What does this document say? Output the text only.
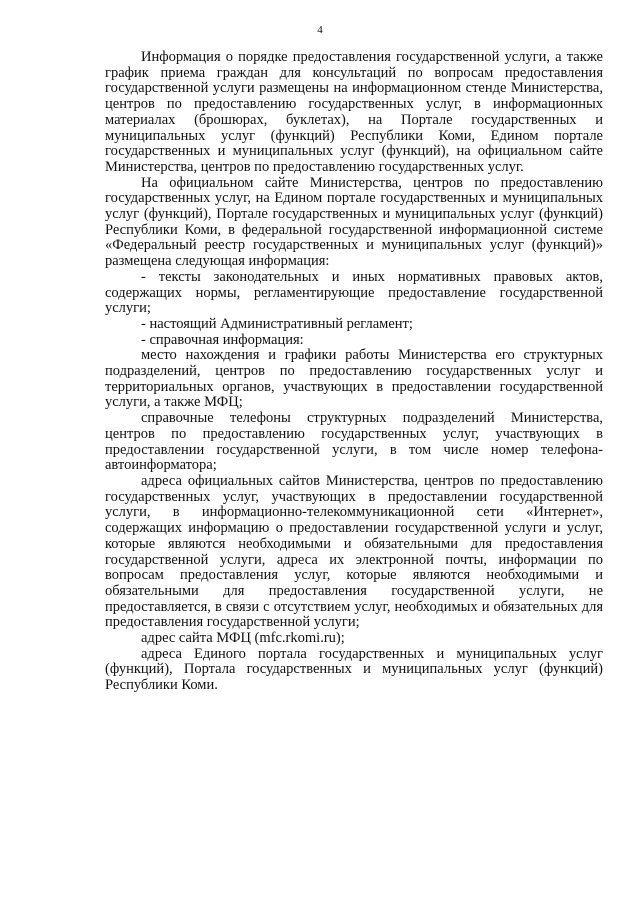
4

Информация о порядке предоставления государственной услуги, а также график приема граждан для консультаций по вопросам предоставления государственной услуги размещены на информационном стенде Министерства, центров по предоставлению государственных услуг, в информационных материалах (брошюрах, буклетах), на Портале государственных и муниципальных услуг (функций) Республики Коми, Едином портале государственных и муниципальных услуг (функций), на официальном сайте Министерства, центров по предоставлению государственных услуг.

На официальном сайте Министерства, центров по предоставлению государственных услуг, на Едином портале государственных и муниципальных услуг (функций), Портале государственных и муниципальных услуг (функций) Республики Коми, в федеральной государственной информационной системе «Федеральный реестр государственных и муниципальных услуг (функций)» размещена следующая информация:

- тексты законодательных и иных нормативных правовых актов, содержащих нормы, регламентирующие предоставление государственной услуги;

- настоящий Административный регламент;

- справочная информация:

место нахождения и графики работы Министерства его структурных подразделений, центров по предоставлению государственных услуг и территориальных органов, участвующих в предоставлении государственной услуги, а также МФЦ;

справочные телефоны структурных подразделений Министерства, центров по предоставлению государственных услуг, участвующих в предоставлении государственной услуги, в том числе номер телефона-автоинформатора;

адреса официальных сайтов Министерства, центров по предоставлению государственных услуг, участвующих в предоставлении государственной услуги, в информационно-телекоммуникационной сети «Интернет», содержащих информацию о предоставлении государственной услуги и услуг, которые являются необходимыми и обязательными для предоставления государственной услуги, адреса их электронной почты, информации по вопросам предоставления услуг, которые являются необходимыми и обязательными для предоставления государственной услуги, не предоставляется, в связи с отсутствием услуг, необходимых и обязательных для предоставления государственной услуги;

адрес сайта МФЦ (mfc.rkomi.ru);

адреса Единого портала государственных и муниципальных услуг (функций), Портала государственных и муниципальных услуг (функций) Республики Коми.
